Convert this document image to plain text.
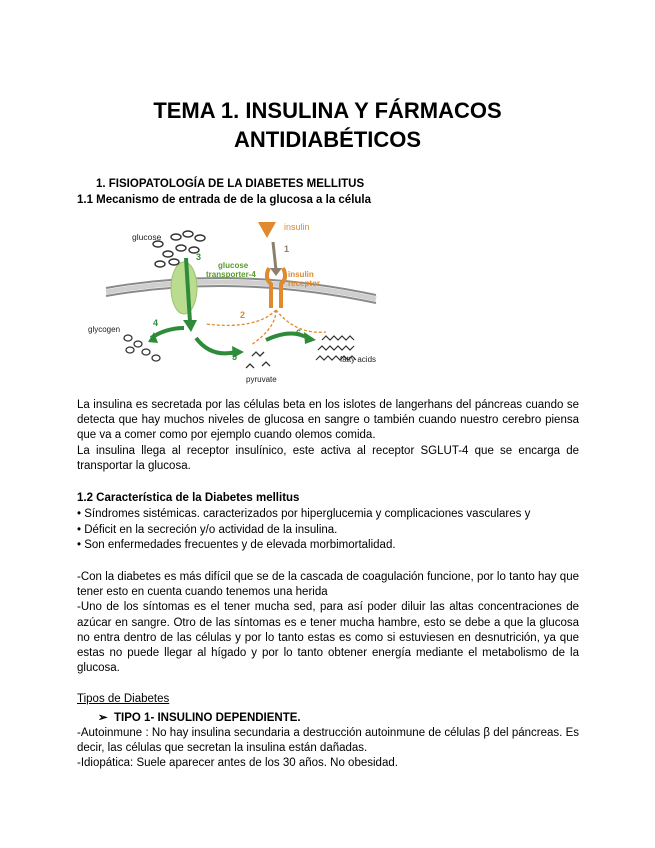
TEMA 1. INSULINA Y FÁRMACOS
ANTIDIABÉTICOS
1. FISIOPATOLOGÍA DE LA DIABETES MELLITUS
1.1 Mecanismo de entrada de de la glucosa a la célula
insulin
glucose
glucose
transporter-4	insulin
receptor
glycogen
pyruvate
fatty acids
1
2
3
4
5
6

La insulina es secretada por las células beta en los islotes de langerhans del páncreas cuando se detecta que hay muchos niveles de glucosa en sangre o también cuando nuestro cerebro piensa que va a comer como por ejemplo cuando olemos comida.

La insulina llega al receptor insulínico, este activa al receptor SGLUT-4 que se encarga de transportar la glucosa.

1.2 Característica de la Diabetes mellitus
• Síndromes sistémicas. caracterizados por hiperglucemia y complicaciones vasculares y
• Déficit en la secreción y/o actividad de la insulina.
• Son enfermedades frecuentes y de elevada morbimortalidad.

-Con la diabetes es más difícil que se de la cascada de coagulación funcione, por lo tanto hay que tener esto en cuenta cuando tenemos una herida

-Uno de los síntomas es el tener mucha sed, para así poder diluir las altas concentraciones de azúcar en sangre. Otro de las síntomas es e tener mucha hambre, esto se debe a que la glucosa no entra dentro de las células y por lo tanto estas es como si estuviesen en desnutrición, ya que estas no puede llegar al hígado y por lo tanto obtener energía mediante el metabolismo de la glucosa.

Tipos de Diabetes
➢ TIPO 1- INSULINO DEPENDIENTE.

-Autoinmune : No hay insulina secundaria a destrucción autoinmune de células β del páncreas. Es decir, las células que secretan la insulina están dañadas.

-Idiopática: Suele aparecer antes de los 30 años. No obesidad.
